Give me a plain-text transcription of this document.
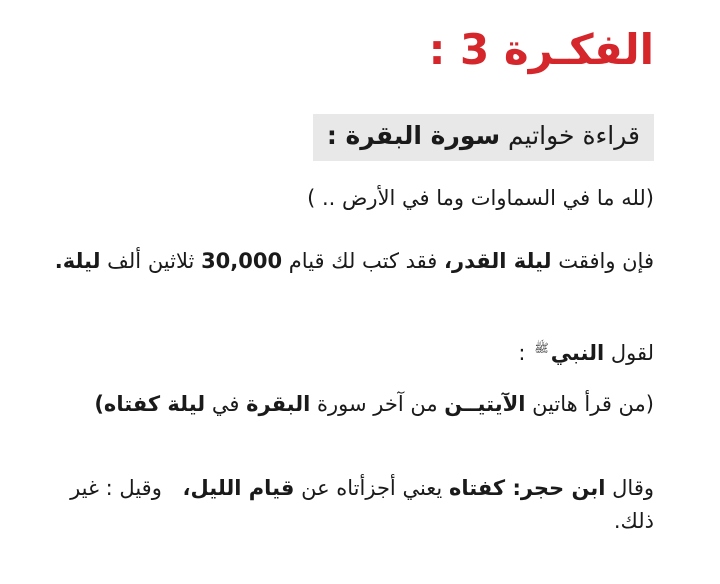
الفكـرة 3 :
قراءة خواتيم سورة البقرة :

(لله ما في السماوات وما في الأرض .. )

فإن وافقت ليلة القدر، فقد كتب لك قيام 30,000 ثلاثين ألف ليلة.

لقول النبيﷺ :

(من قرأ هاتين الآيتيــن من آخر سورة البقرة في ليلة كفتاه)

وقال ابن حجر: كفتاه يعني أجزأتاه عن قيام الليل، وقيل : غير ذلك.
